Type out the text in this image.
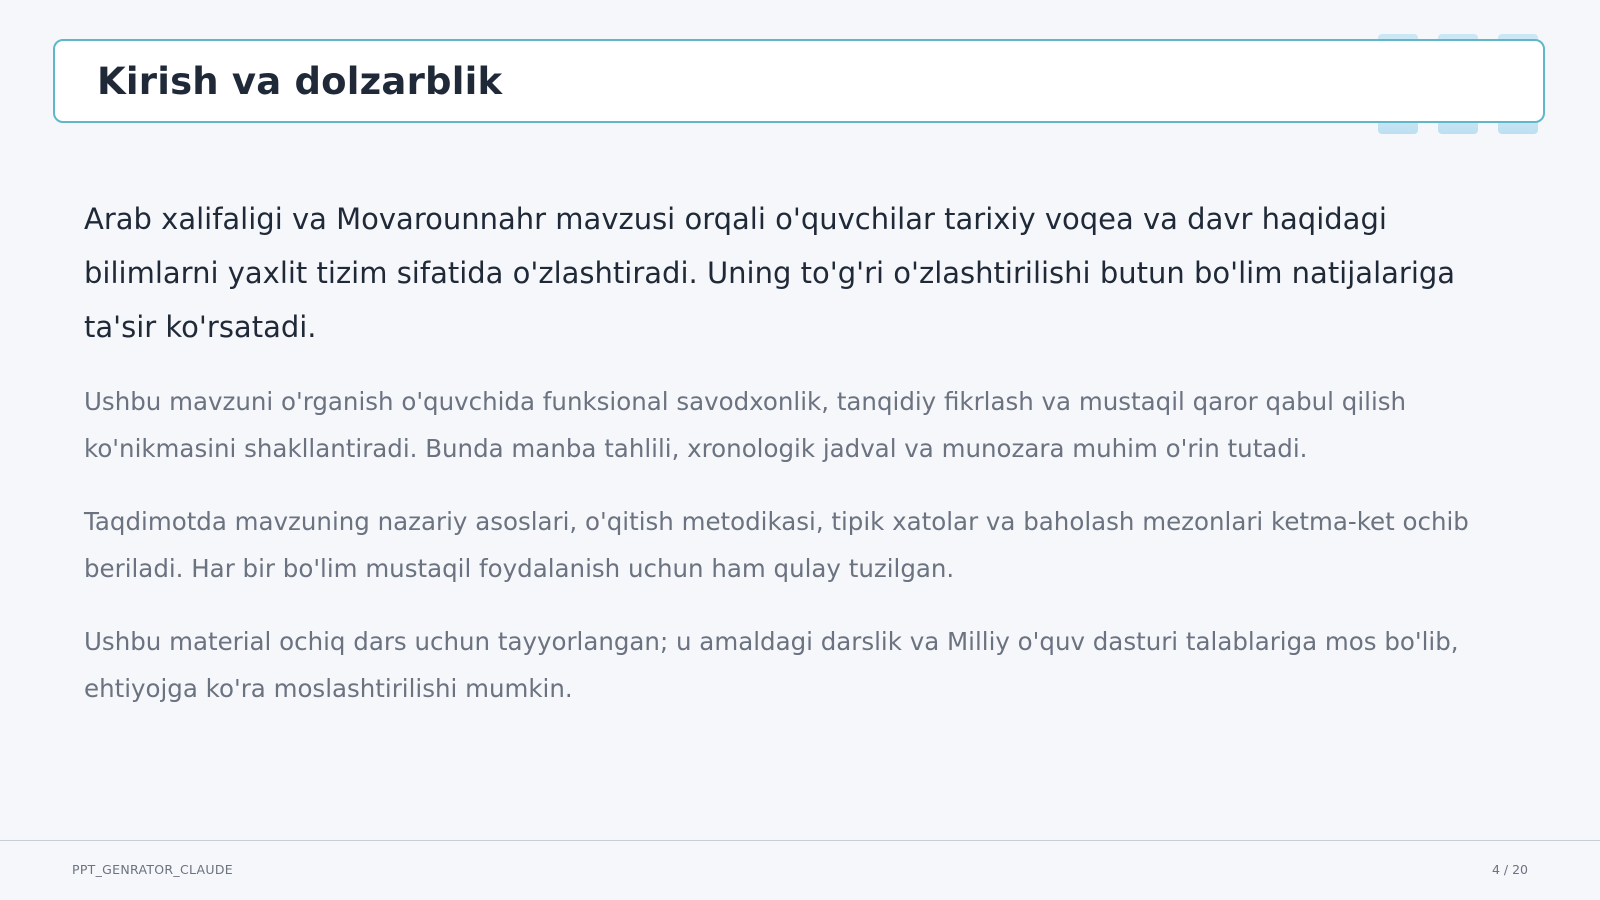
Kirish va dolzarblik

Arab xalifaligi va Movarounnahr mavzusi orqali o'quvchilar tarixiy voqea va davr haqidagi bilimlarni yaxlit tizim sifatida o'zlashtiradi. Uning to'g'ri o'zlashtirilishi butun bo'lim natijalariga ta'sir ko'rsatadi.

Ushbu mavzuni o'rganish o'quvchida funksional savodxonlik, tanqidiy fikrlash va mustaqil qaror qabul qilish ko'nikmasini shakllantiradi. Bunda manba tahlili, xronologik jadval va munozara muhim o'rin tutadi.

Taqdimotda mavzuning nazariy asoslari, o'qitish metodikasi, tipik xatolar va baholash mezonlari ketma-ket ochib beriladi. Har bir bo'lim mustaqil foydalanish uchun ham qulay tuzilgan.

Ushbu material ochiq dars uchun tayyorlangan; u amaldagi darslik va Milliy o'quv dasturi talablariga mos bo'lib, ehtiyojga ko'ra moslashtirilishi mumkin.

PPT_GENRATOR_CLAUDE	4 / 20
